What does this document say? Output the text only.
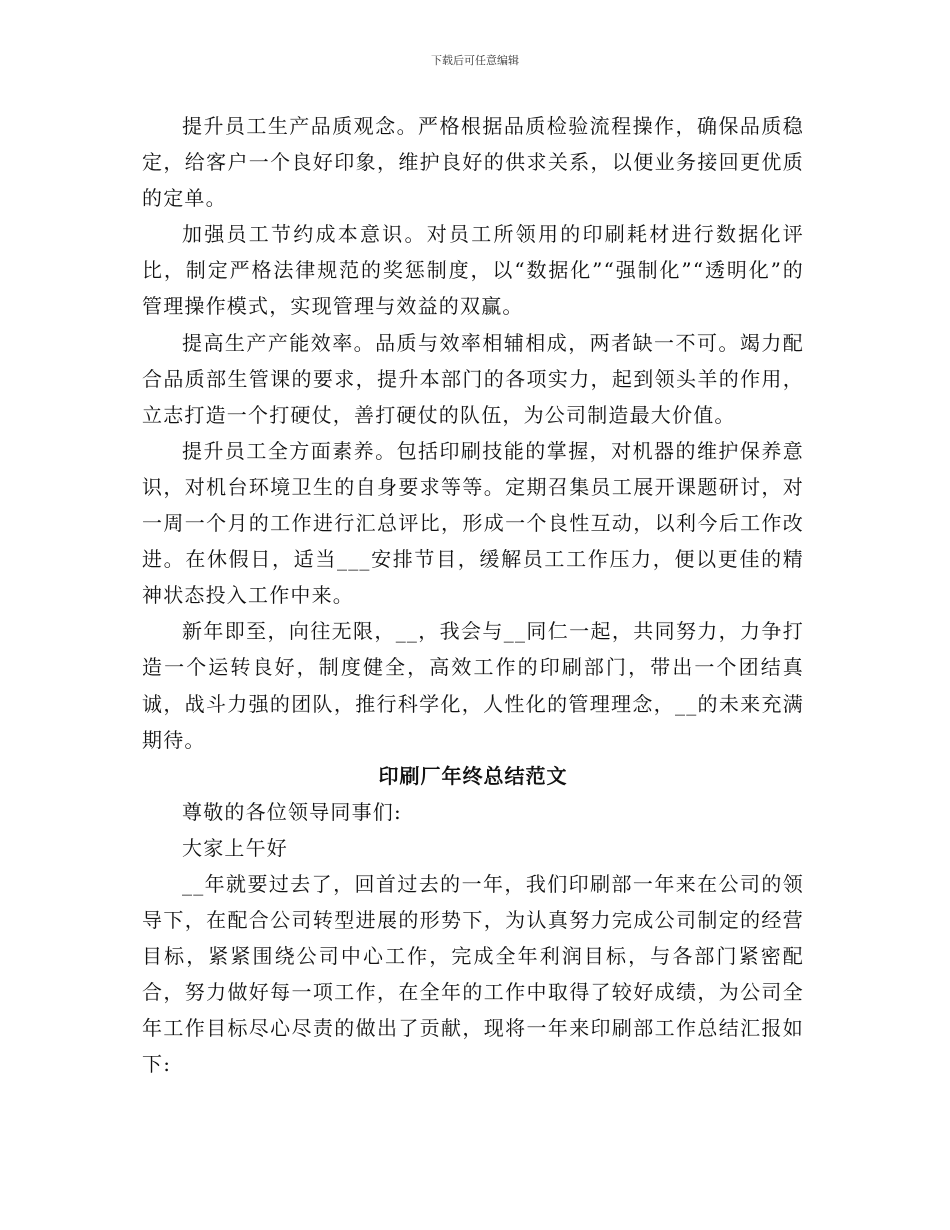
下载后可任意编辑

提升员工生产品质观念。严格根据品质检验流程操作，确保品质稳定，给客户一个良好印象，维护良好的供求关系，以便业务接回更优质的定单。

加强员工节约成本意识。对员工所领用的印刷耗材进行数据化评比，制定严格法律规范的奖惩制度，以“数据化”“强制化”“透明化”的管理操作模式，实现管理与效益的双赢。

提高生产产能效率。品质与效率相辅相成，两者缺一不可。竭力配合品质部生管课的要求，提升本部门的各项实力，起到领头羊的作用，立志打造一个打硬仗，善打硬仗的队伍，为公司制造最大价值。

提升员工全方面素养。包括印刷技能的掌握，对机器的维护保养意识，对机台环境卫生的自身要求等等。定期召集员工展开课题研讨，对一周一个月的工作进行汇总评比，形成一个良性互动，以利今后工作改进。在休假日，适当___安排节目，缓解员工工作压力，便以更佳的精神状态投入工作中来。

新年即至，向往无限，__，我会与__同仁一起，共同努力，力争打造一个运转良好，制度健全，高效工作的印刷部门，带出一个团结真诚，战斗力强的团队，推行科学化，人性化的管理理念，__的未来充满期待。

印刷厂年终总结范文

尊敬的各位领导同事们:

大家上午好

__年就要过去了，回首过去的一年，我们印刷部一年来在公司的领导下，在配合公司转型进展的形势下，为认真努力完成公司制定的经营目标，紧紧围绕公司中心工作，完成全年利润目标，与各部门紧密配合，努力做好每一项工作，在全年的工作中取得了较好成绩，为公司全年工作目标尽心尽责的做出了贡献，现将一年来印刷部工作总结汇报如下:
